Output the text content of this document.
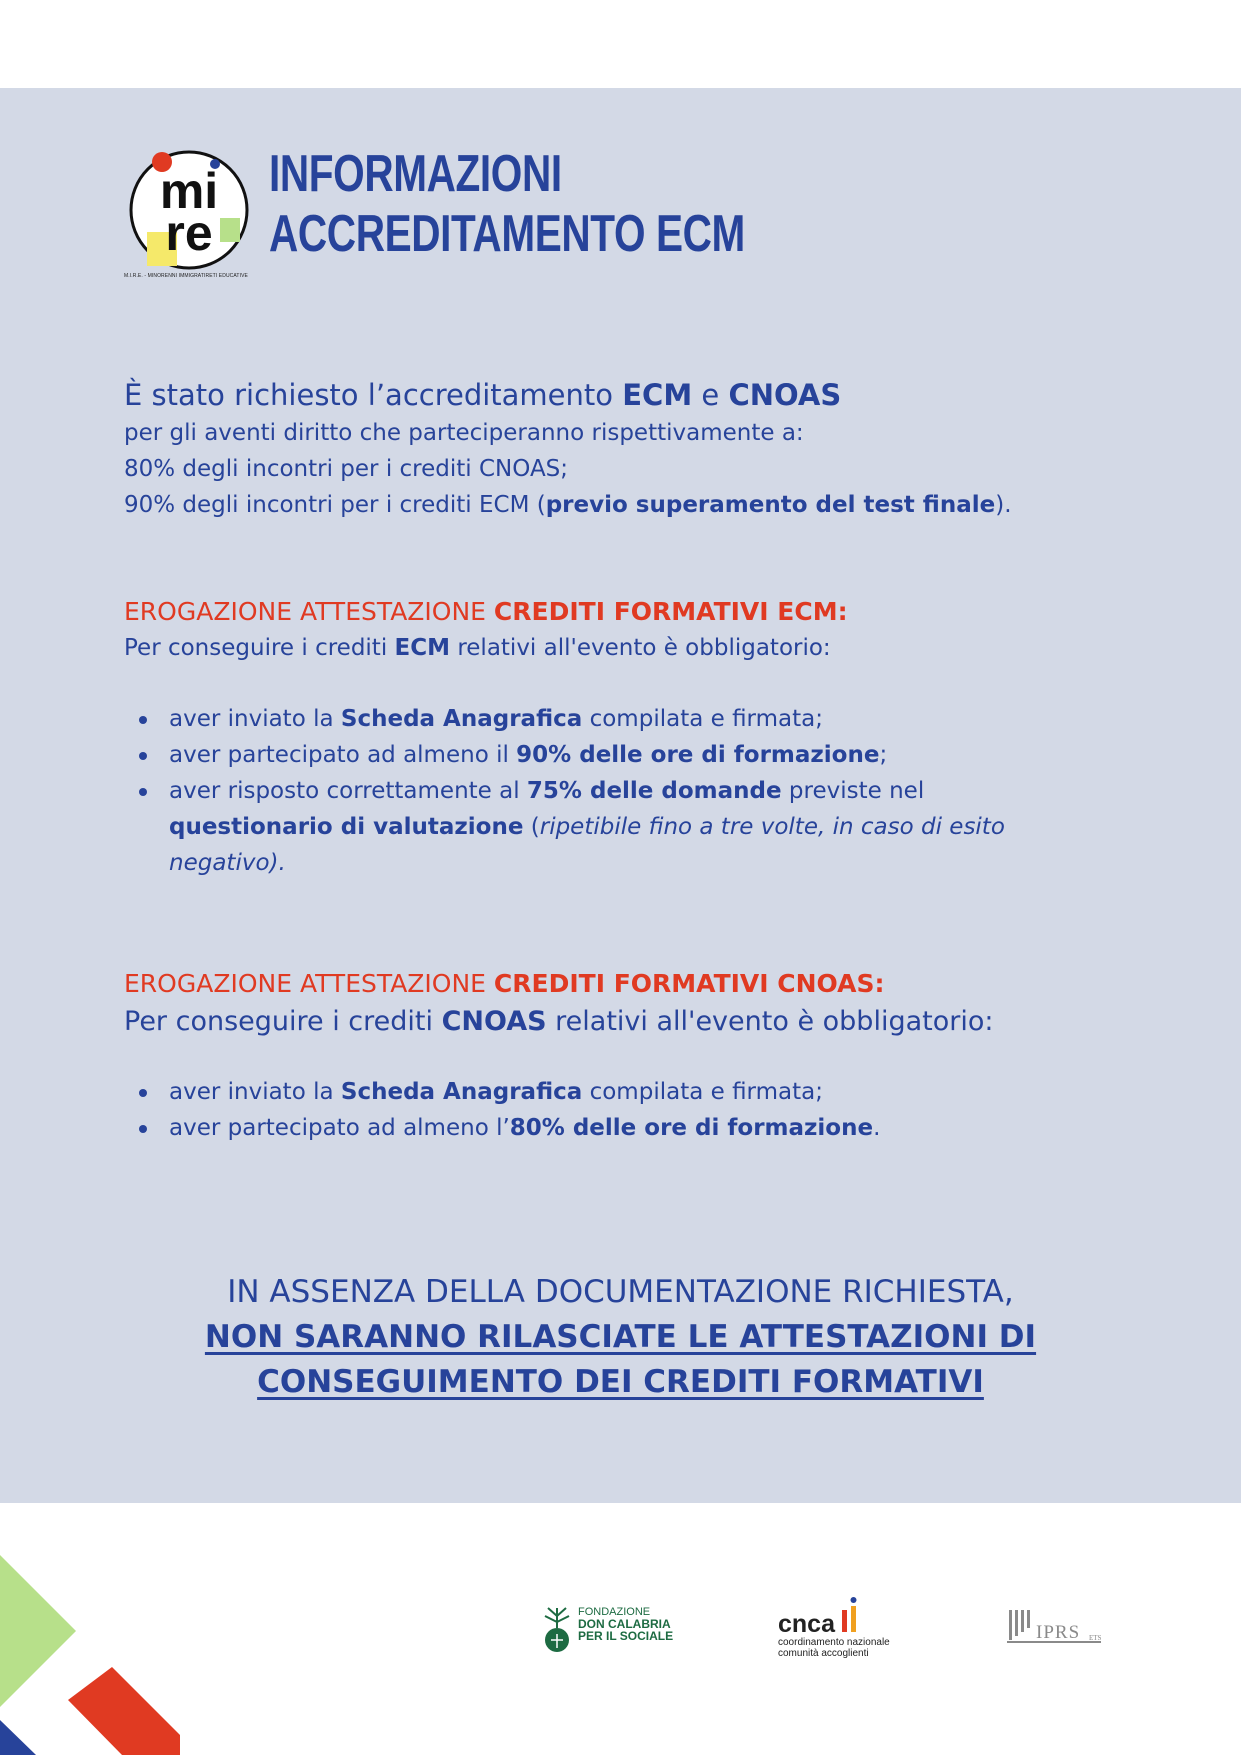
mi
re
M.I.R.E. - MINORENNI IMMIGRATIRETI EDUCATIVE
INFORMAZIONI
ACCREDITAMENTO ECM
È stato richiesto l’accreditamento ECM e CNOAS
per gli aventi diritto che parteciperanno rispettivamente a:
80% degli incontri per i crediti CNOAS;
90% degli incontri per i crediti ECM (previo superamento del test finale).
EROGAZIONE ATTESTAZIONE CREDITI FORMATIVI ECM:
Per conseguire i crediti ECM relativi all'evento è obbligatorio:
aver inviato la Scheda Anagrafica compilata e firmata;
aver partecipato ad almeno il 90% delle ore di formazione;
aver risposto correttamente al 75% delle domande previste nel questionario di valutazione (ripetibile fino a tre volte, in caso di esito negativo).
EROGAZIONE ATTESTAZIONE CREDITI FORMATIVI CNOAS:
Per conseguire i crediti CNOAS relativi all'evento è obbligatorio:
aver inviato la Scheda Anagrafica compilata e firmata;
aver partecipato ad almeno l’80% delle ore di formazione.
IN ASSENZA DELLA DOCUMENTAZIONE RICHIESTA,
NON SARANNO RILASCIATE LE ATTESTAZIONI DI
CONSEGUIMENTO DEI CREDITI FORMATIVI
FONDAZIONE
DON CALABRIA
PER IL SOCIALE	cnca
coordinamento nazionale
comunità accoglienti
IPRS ETS
